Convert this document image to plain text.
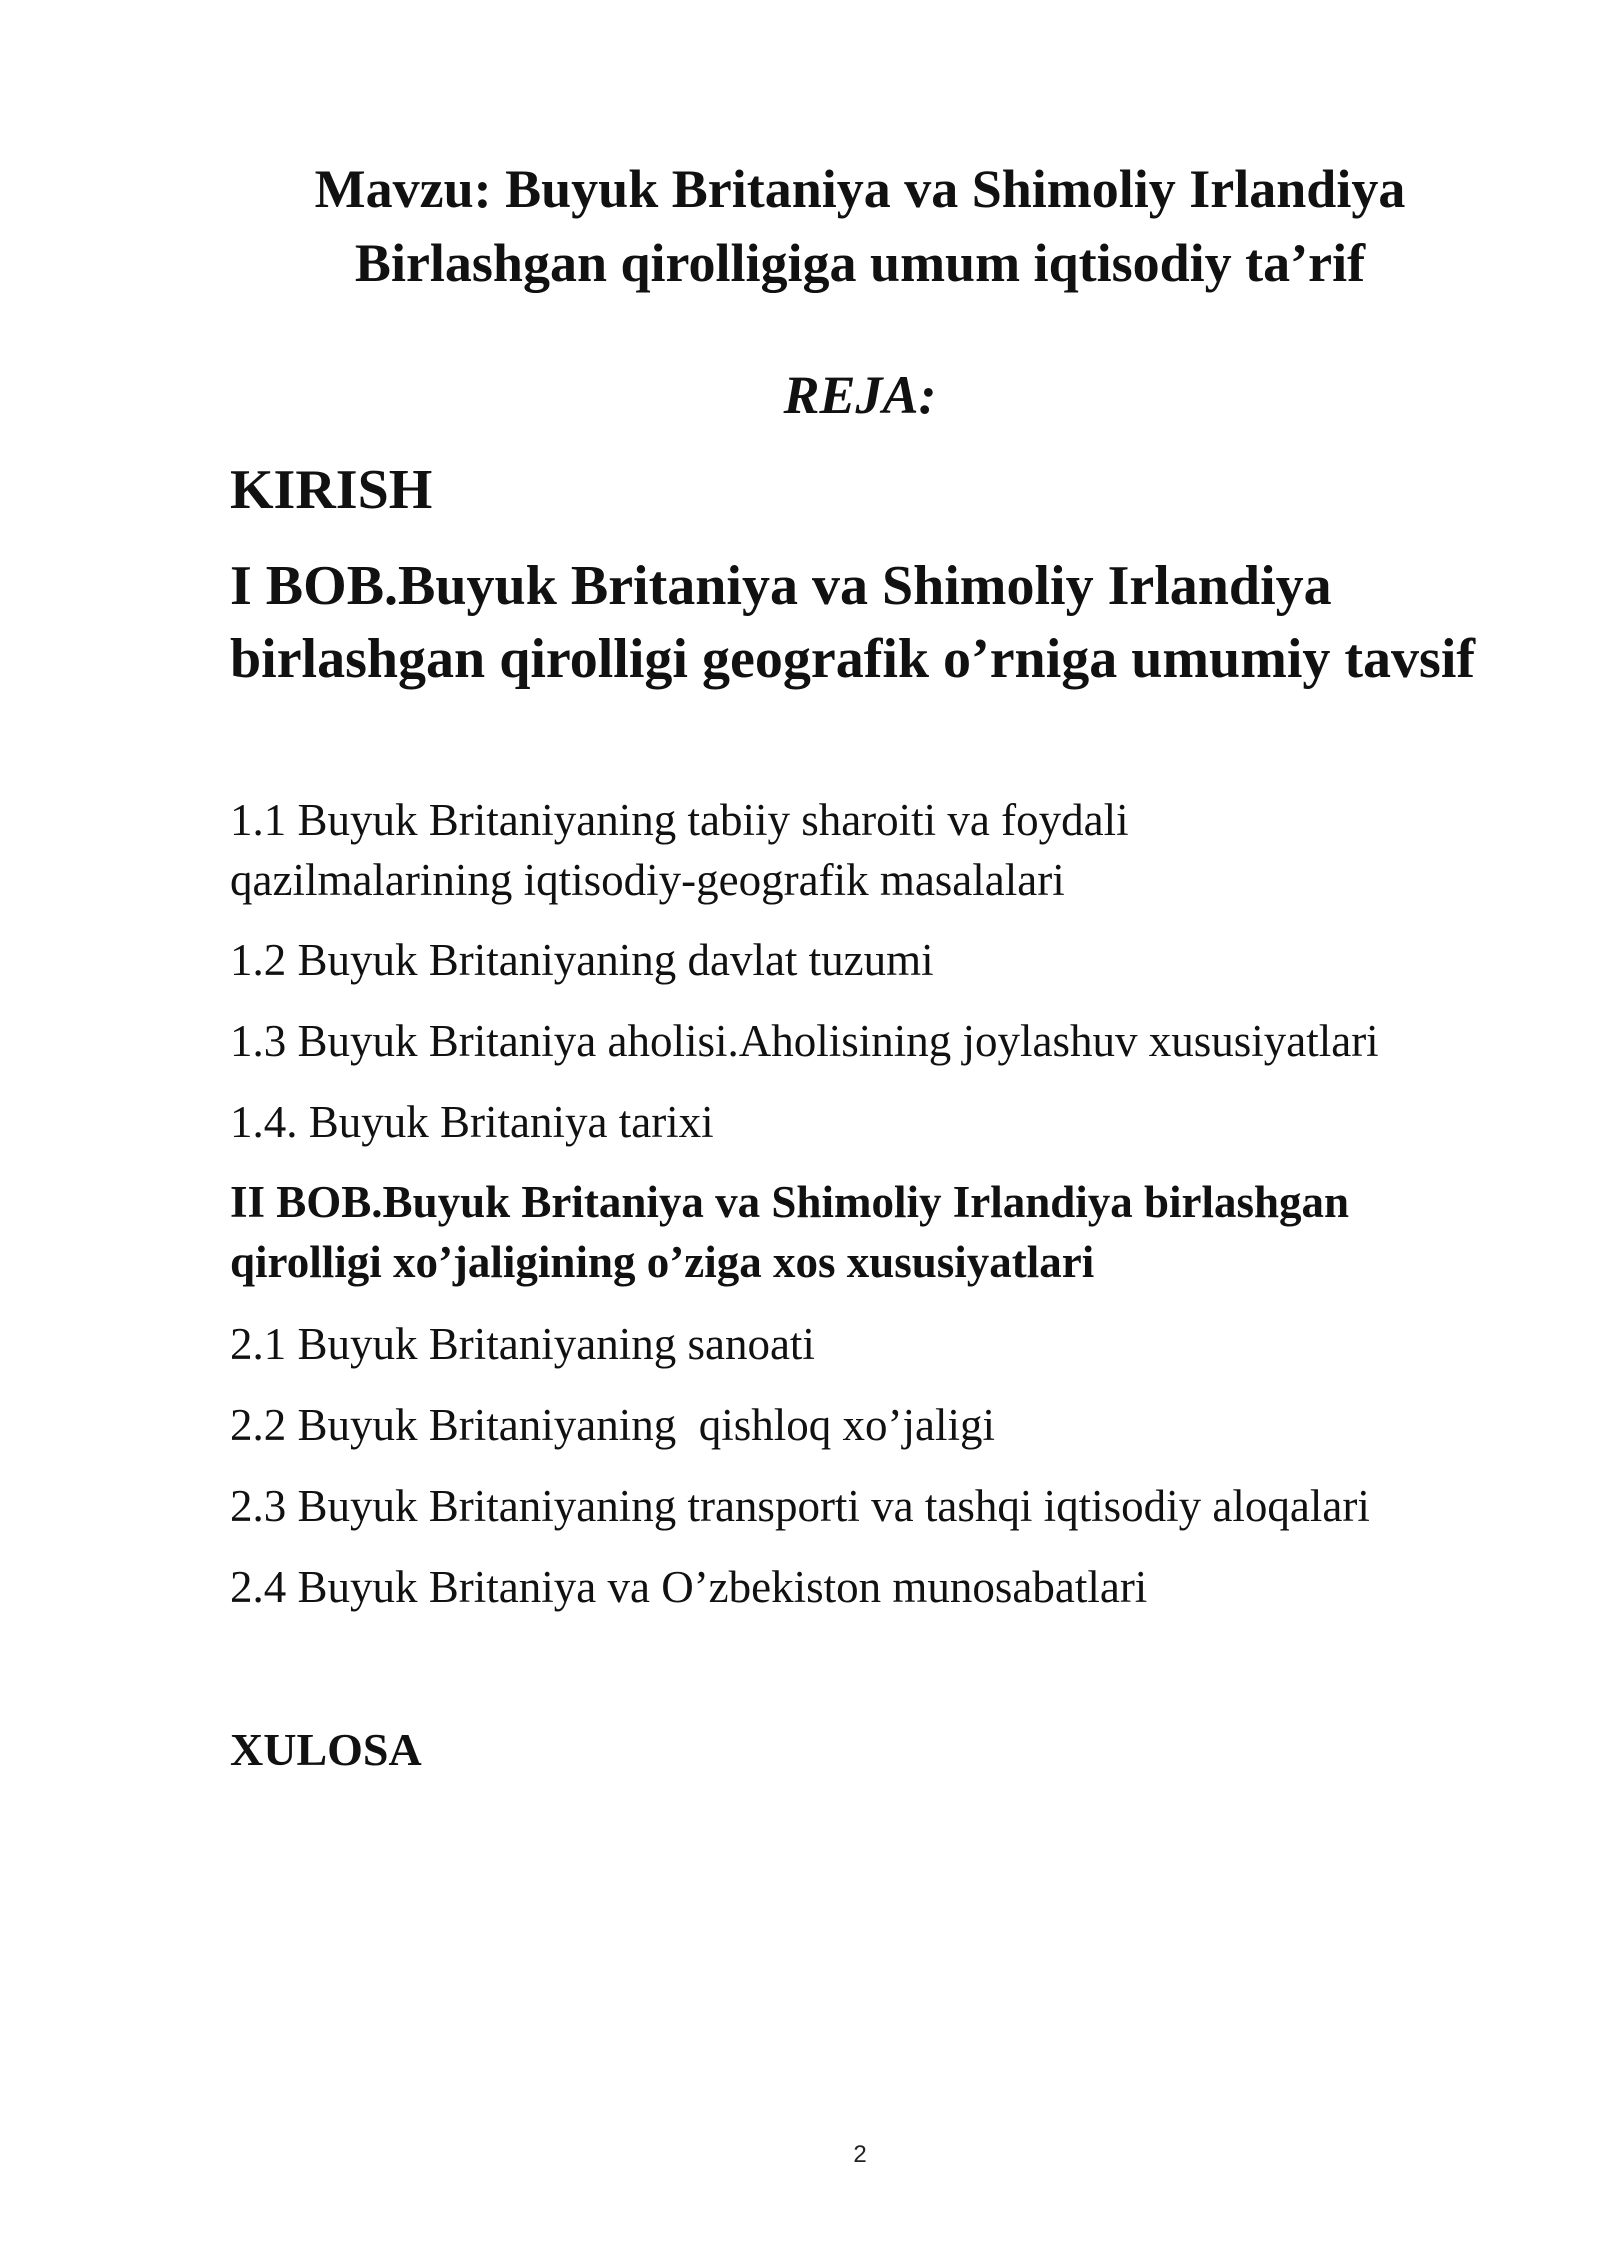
Mavzu: Buyuk Britaniya va Shimoliy Irlandiya Birlashgan qirolligiga umum iqtisodiy ta’rif
REJA:
KIRISH
I BOB.Buyuk Britaniya va Shimoliy Irlandiya birlashgan qirolligi geografik o’rniga umumiy tavsif
1.1 Buyuk Britaniyaning tabiiy sharoiti va foydali qazilmalarining iqtisodiy-geografik masalalari
1.2 Buyuk Britaniyaning davlat tuzumi
1.3 Buyuk Britaniya aholisi.Aholisining joylashuv xususiyatlari
1.4. Buyuk Britaniya tarixi
II BOB.Buyuk Britaniya va Shimoliy Irlandiya birlashgan qirolligi xo’jaligining o’ziga xos xususiyatlari
2.1 Buyuk Britaniyaning sanoati
2.2 Buyuk Britaniyaning  qishloq xo’jaligi
2.3 Buyuk Britaniyaning transporti va tashqi iqtisodiy aloqalari
2.4 Buyuk Britaniya va O’zbekiston munosabatlari
XULOSA
2
